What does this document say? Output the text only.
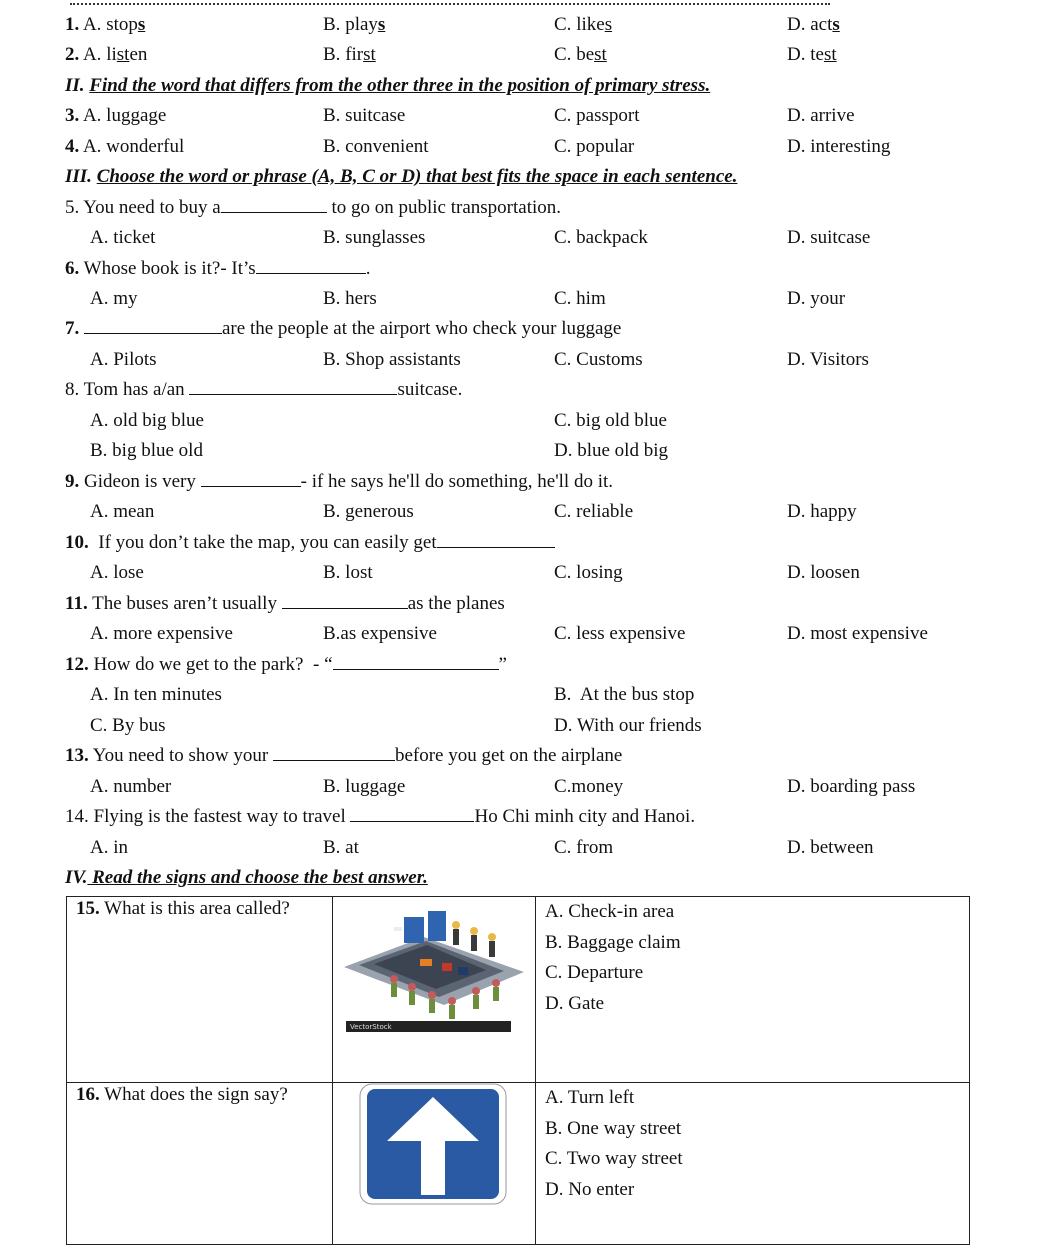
1. A. stops	B. plays	C. likes	D. acts
2. A. listen	B. first	C. best	D. test
II. Find the word that differs from the other three in the position of primary stress.
3. A. luggage	B. suitcase	C. passport	D. arrive
4. A. wonderful	B. convenient	C. popular	D. interesting
III. Choose the word or phrase (A, B, C or D) that best fits the space in each sentence.
5. You need to buy a	to go on public transportation.
A. ticket	B. sunglasses	C. backpack	D. suitcase
6. Whose book is it?- It’s	.
A. my	B. hers	C. him	D. your
7.	are the people at the airport who check your luggage
A. Pilots	B. Shop assistants	C. Customs	D. Visitors
8. Tom has a/an	suitcase.
A. old big blue	C. big old blue
B. big blue old	D. blue old big
9. Gideon is very	- if he says he'll do something, he'll do it.
A. mean	B. generous	C. reliable	D. happy
10.  If you don’t take the map, you can easily get
A. lose	B. lost	C. losing	D. loosen
11. The buses aren’t usually	as the planes
A. more expensive	B.as expensive	C. less expensive	D. most expensive
12. How do we get to the park?  - “	”
A. In ten minutes	B.  At the bus stop
C. By bus	D. With our friends
13. You need to show your	before you get on the airplane
A. number	B. luggage	C.money	D. boarding pass
14. Flying is the fastest way to travel	Ho Chi minh city and Hanoi.
A. in	B. at	C. from	D. between
IV. Read the signs and choose the best answer.
15. What is this area called?	VectorStock	A. Check-in area
B. Baggage claim
C. Departure
D. Gate

16. What does the sign say?		A. Turn left
B. One way street
C. Two way street
D. No enter
